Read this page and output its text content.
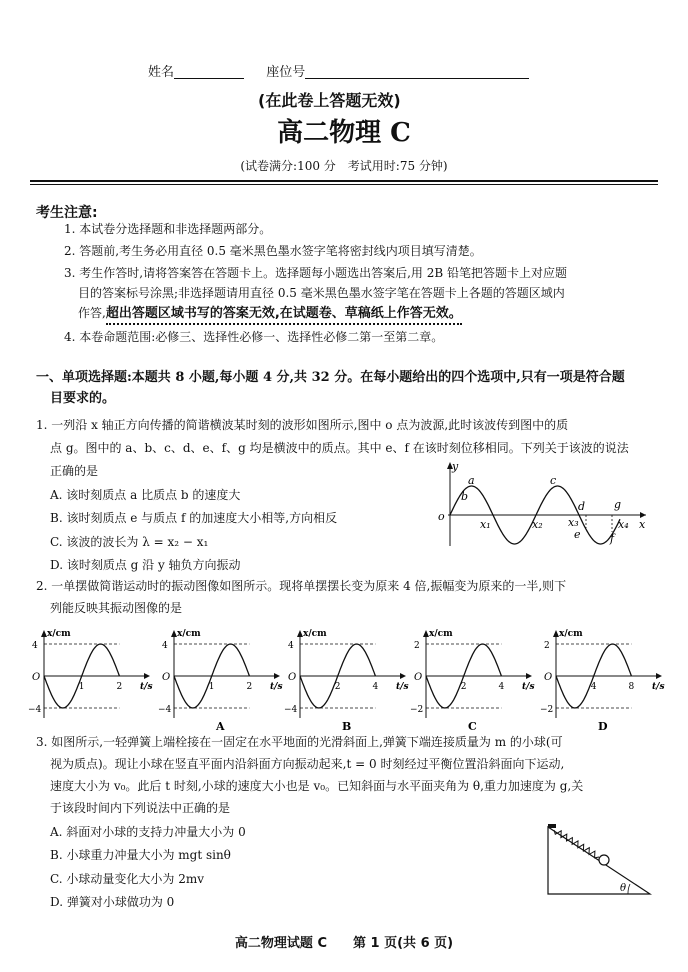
姓名	座位号
(在此卷上答题无效)
高二物理 C
(试卷满分:100 分　考试用时:75 分钟)
考生注意:
1. 本试卷分选择题和非选择题两部分。
2. 答题前,考生务必用直径 0.5 毫米黑色墨水签字笔将密封线内项目填写清楚。
3. 考生作答时,请将答案答在答题卡上。选择题每小题选出答案后,用 2B 铅笔把答题卡上对应题
目的答案标号涂黑;非选择题请用直径 0.5 毫米黑色墨水签字笔在答题卡上各题的答题区域内
作答,超出答题区域书写的答案无效,在试题卷、草稿纸上作答无效。
4. 本卷命题范围:必修三、选择性必修一、选择性必修二第一至第二章。
一、单项选择题:本题共 8 小题,每小题 4 分,共 32 分。在每小题给出的四个选项中,只有一项是符合题
目要求的。
1. 一列沿 x 轴正方向传播的简谐横波某时刻的波形如图所示,图中 o 点为波源,此时该波传到图中的质
点 g。图中的 a、b、c、d、e、f、g 均是横波中的质点。其中 e、f 在该时刻位移相同。下列关于该波的说法
正确的是
A. 该时刻质点 a 比质点 b 的速度大
B. 该时刻质点 e 与质点 f 的加速度大小相等,方向相反
C. 该波的波长为 λ = x₂ − x₁
D. 该时刻质点 g 沿 y 轴负方向振动
y
x
o
a
b
c
d
e	f
g
x₁	x₂ x₃	x₄
2. 一单摆做简谐运动时的振动图像如图所示。现将单摆摆长变为原来 4 倍,振幅变为原来的一半,则下
列能反映其振动图像的是
x/cm
t/s
O
4
−4
1	2
x/cm
t/s
O
4
−4
1	2
A
x/cm
t/s
O
4
−4
2	4
B
x/cm
t/s
O
2
−2
2	4
C
x/cm
t/s
O
2
−2
4	8
D
3. 如图所示,一轻弹簧上端栓接在一固定在水平地面的光滑斜面上,弹簧下端连接质量为 m 的小球(可
视为质点)。现让小球在竖直平面内沿斜面方向振动起来,t = 0 时刻经过平衡位置沿斜面向下运动,
速度大小为 v₀。此后 t 时刻,小球的速度大小也是 v₀。已知斜面与水平面夹角为 θ,重力加速度为 g,关
于该段时间内下列说法中正确的是
A. 斜面对小球的支持力冲量大小为 0
B. 小球重力冲量大小为 mgt sinθ
C. 小球动量变化大小为 2mv
D. 弹簧对小球做功为 0
θ
高二物理试题 C 第 1 页(共 6 页)
